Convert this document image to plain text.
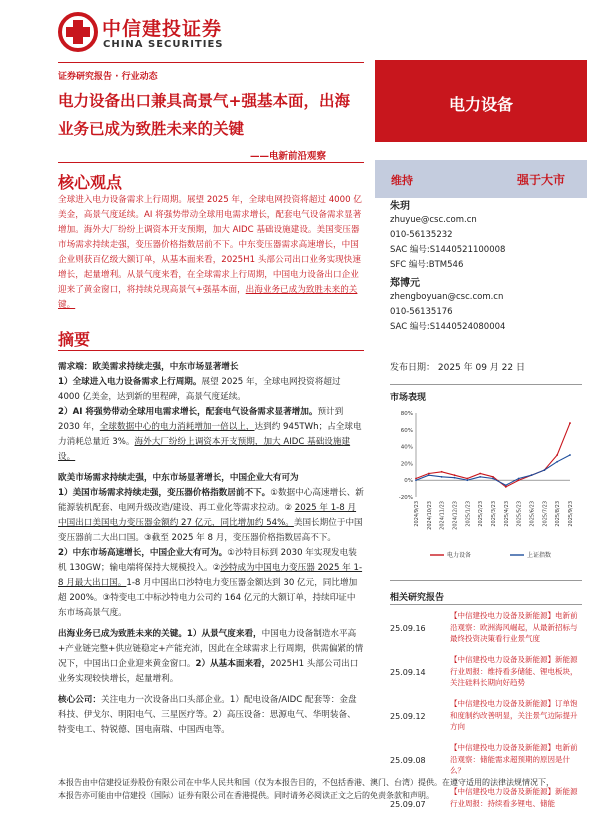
中信建投证券
CHINA SECURITIES
证券研究报告 · 行业动态
电力设备出口兼具高景气+强基本面，出海业务已成为致胜未来的关键
——电新前沿观察
核心观点
全球进入电力设备需求上行周期。展望 2025 年，全球电网投资将超过 4000 亿美金，高景气度延续。AI 将强势带动全球用电需求增长，配套电气设备需求显著增加。海外大厂纷纷上调资本开支预期，加大 AIDC 基础设施建设。美国变压器市场需求持续走强，变压器价格指数居前不下。中东变压器需求高速增长，中国企业则获百亿级大额订单，从基本面来看，2025H1 头部公司出口业务实现快速增长，起量增利。从景气度来看，在全球需求上行周期，中国电力设备出口企业迎来了黄金窗口，将持续兑现高景气+强基本面，出海业务已成为致胜未来的关键。
摘要

需求端：欧美需求持续走强，中东市场显著增长
1）全球进入电力设备需求上行周期。展望 2025 年，全球电网投资将超过 4000 亿美金，达到新的里程碑，高景气度延续。
2）AI 将强势带动全球用电需求增长，配套电气设备需求显著增加。预计到 2030 年，全球数据中心的电力消耗增加一倍以上，达到约 945TWh；占全球电力消耗总量近 3%。海外大厂纷纷上调资本开支预期，加大 AIDC 基础设施建设。

欧美市场需求持续走强，中东市场显著增长，中国企业大有可为
1）美国市场需求持续走强，变压器价格指数居前不下。①数据中心高速增长、新能源装机配套、电网升级改造/建设、再工业化等需求拉动。② 2025 年 1-8 月中国出口美国电力变压器金额约 27 亿元，同比增加约 54%。美国长期位于中国变压器前二大出口国。③截至 2025 年 8 月，变压器价格指数居高不下。
2）中东市场高速增长，中国企业大有可为。①沙特目标到 2030 年实现发电装机 130GW；输电端将保持大规模投入。②沙特成为中国电力变压器 2025 年 1-8 月最大出口国。1-8 月中国出口沙特电力变压器金额达到 30 亿元，同比增加超 200%。③特变电工中标沙特电力公司约 164 亿元的大额订单，持续印证中东市场高景气度。

出海业务已成为致胜未来的关键。1）从景气度来看，中国电力设备制造水平高+产业链完整+供应链稳定+产能充沛，因此在全球需求上行周期，供需偏紧的情况下，中国出口企业迎来黄金窗口。2）从基本面来看，2025H1 头部公司出口业务实现较快增长，起量增利。

核心公司：关注电力一次设备出口头部企业。1）配电设备/AIDC 配套等：金盘科技、伊戈尔、明阳电气、三星医疗等。2）高压设备：思源电气、华明装备、特变电工、特锐德、国电南瑞、中国西电等。

电力设备
维持	强于大市
朱玥
zhuyue@csc.com.cn
010-56135232
SAC 编号:S1440521100008
SFC 编号:BTM546
郑博元
zhengboyuan@csc.com.cn
010-56135176
SAC 编号:S1440524080004
发布日期： 2025 年 09 月 22 日
市场表现
80%
60%
40%
20%
0%
-20%
2024/9/23 2024/10/23 2024/11/23 2024/12/23 2025/1/23 2025/2/23 2025/3/23 2025/4/23 2025/5/23 2025/6/23 2025/7/23 2025/8/23 2025/9/23
电力设备	上证指数
相关研究报告
25.09.16
【中信建投电力设备及新能源】电新前沿观察：欧洲海风崛起，从最新招标与最终投资决策看行业景气度
25.09.14
【中信建投电力设备及新能源】新能源行业周报：维持看多储能、锂电板块，关注硅料长期向好趋势
25.09.12
【中信建投电力设备及新能源】订单饱和度制约改善明显，关注景气边际提升方向
25.09.08
【中信建投电力设备及新能源】电新前沿观察：储能需求超预期的原因是什么？
25.09.07
【中信建投电力设备及新能源】新能源行业周报：持续看多锂电、储能
本报告由中信建投证券股份有限公司在中华人民共和国（仅为本报告目的，不包括香港、澳门、台湾）提供。在遵守适用的法律法规情况下，
本报告亦可能由中信建投（国际）证券有限公司在香港提供。同时请务必阅读正文之后的免责条款和声明。
